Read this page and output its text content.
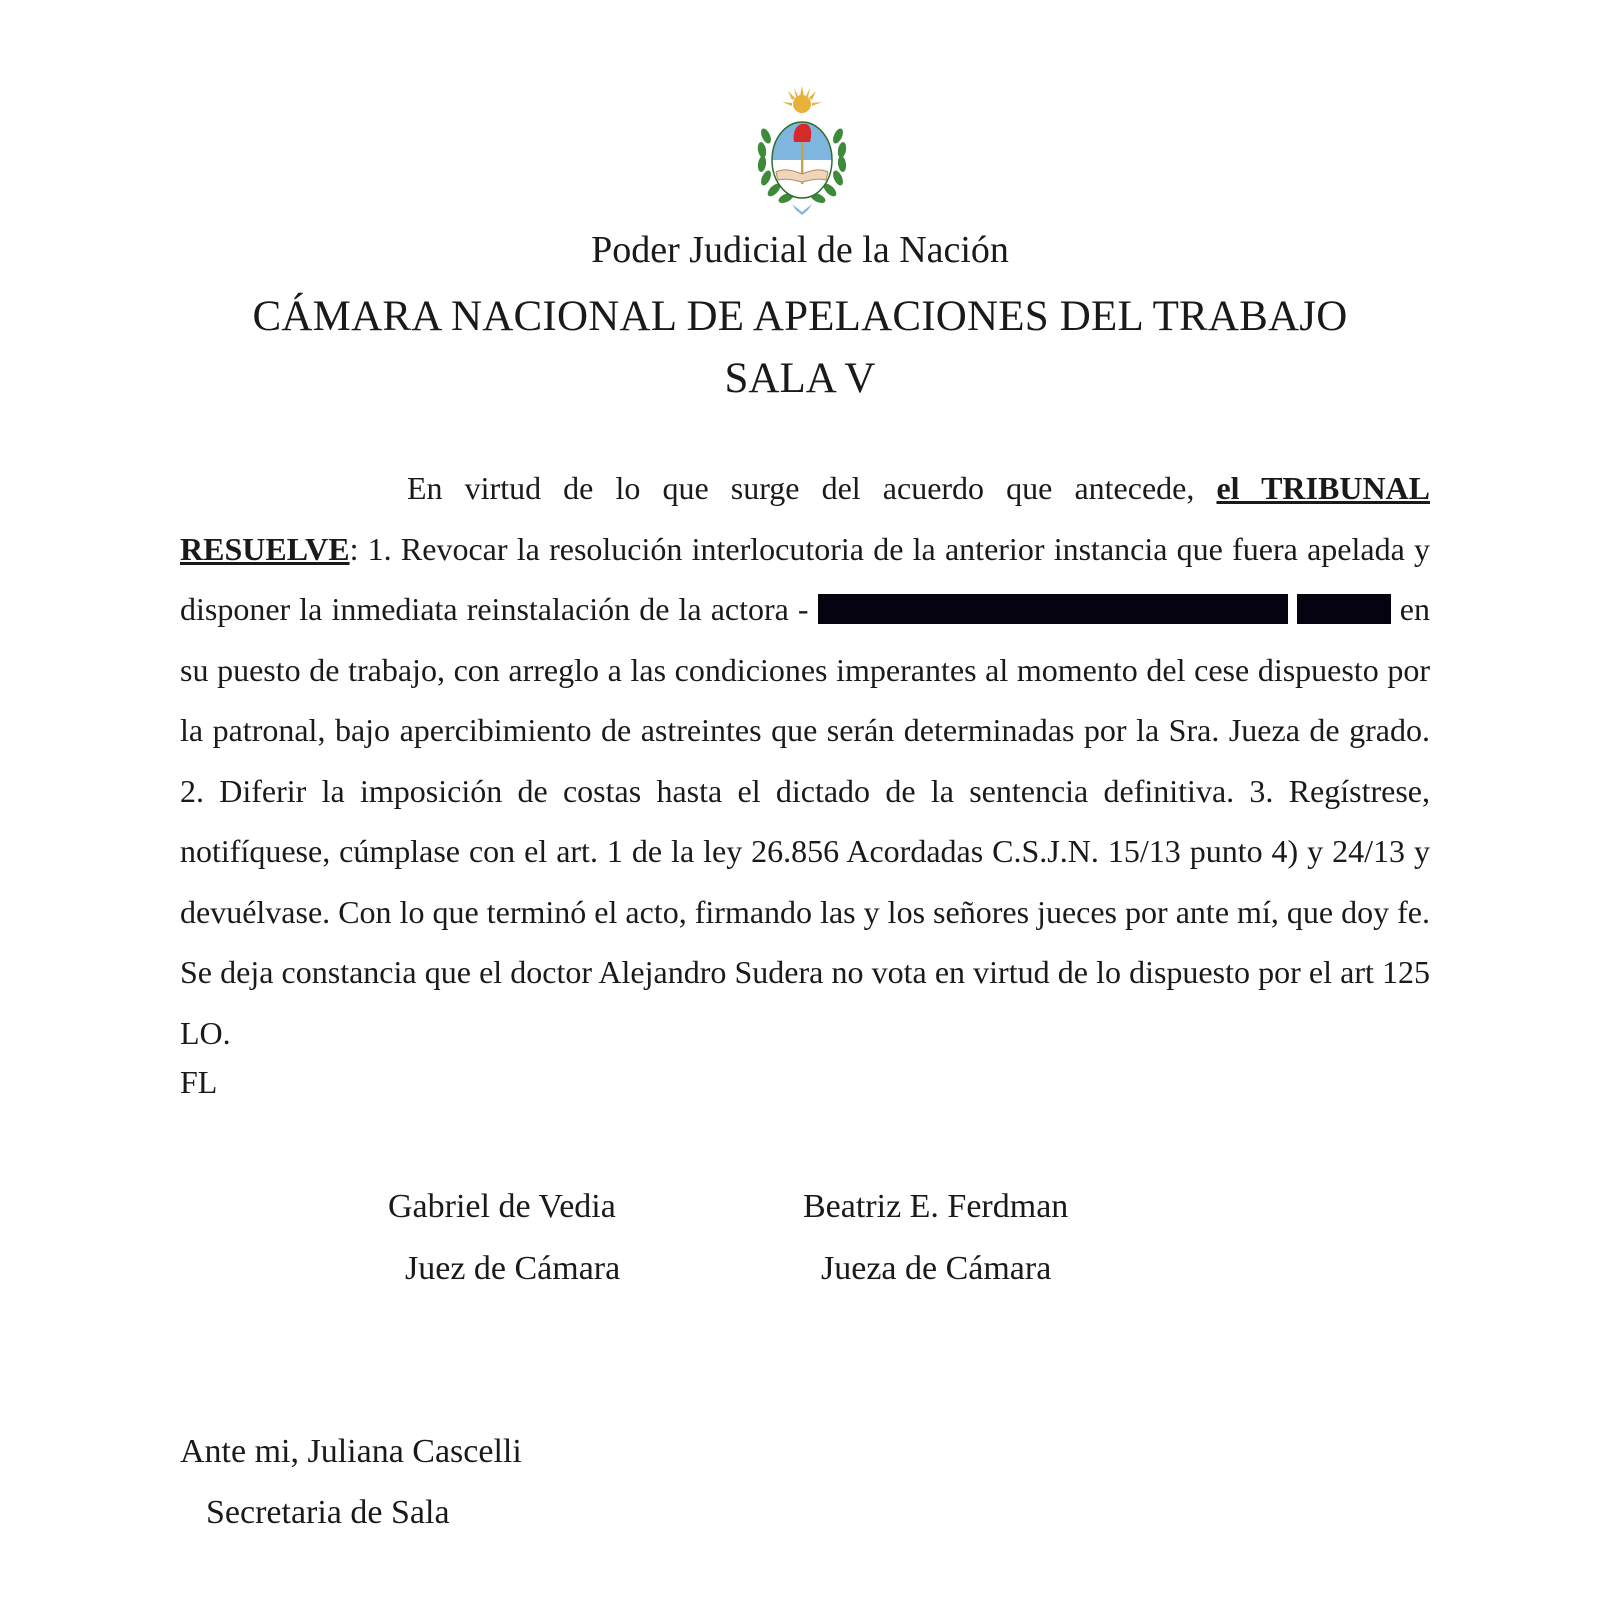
Poder Judicial de la Nación
CÁMARA NACIONAL DE APELACIONES DEL TRABAJO
SALA V

En virtud de lo que surge del acuerdo que antecede, el TRIBUNAL RESUELVE: 1. Revocar la resolución interlocutoria de la anterior instancia que fuera apelada y disponer la inmediata reinstalación de la actora -	en su puesto de trabajo, con arreglo a las condiciones imperantes al momento del cese dispuesto por la patronal, bajo apercibimiento de astreintes que serán determinadas por la Sra. Jueza de grado. 2. Diferir la imposición de costas hasta el dictado de la sentencia definitiva. 3. Regístrese, notifíquese, cúmplase con el art. 1 de la ley 26.856 Acordadas C.S.J.N. 15/13 punto 4) y 24/13 y devuélvase. Con lo que terminó el acto, firmando las y los señores jueces por ante mí, que doy fe. Se deja constancia que el doctor Alejandro Sudera no vota en virtud de lo dispuesto por el art 125 LO.

FL
Gabriel de Vedia
Juez de Cámara
Beatriz E. Ferdman
Jueza de Cámara
Ante mi, Juliana Cascelli
Secretaria de Sala
